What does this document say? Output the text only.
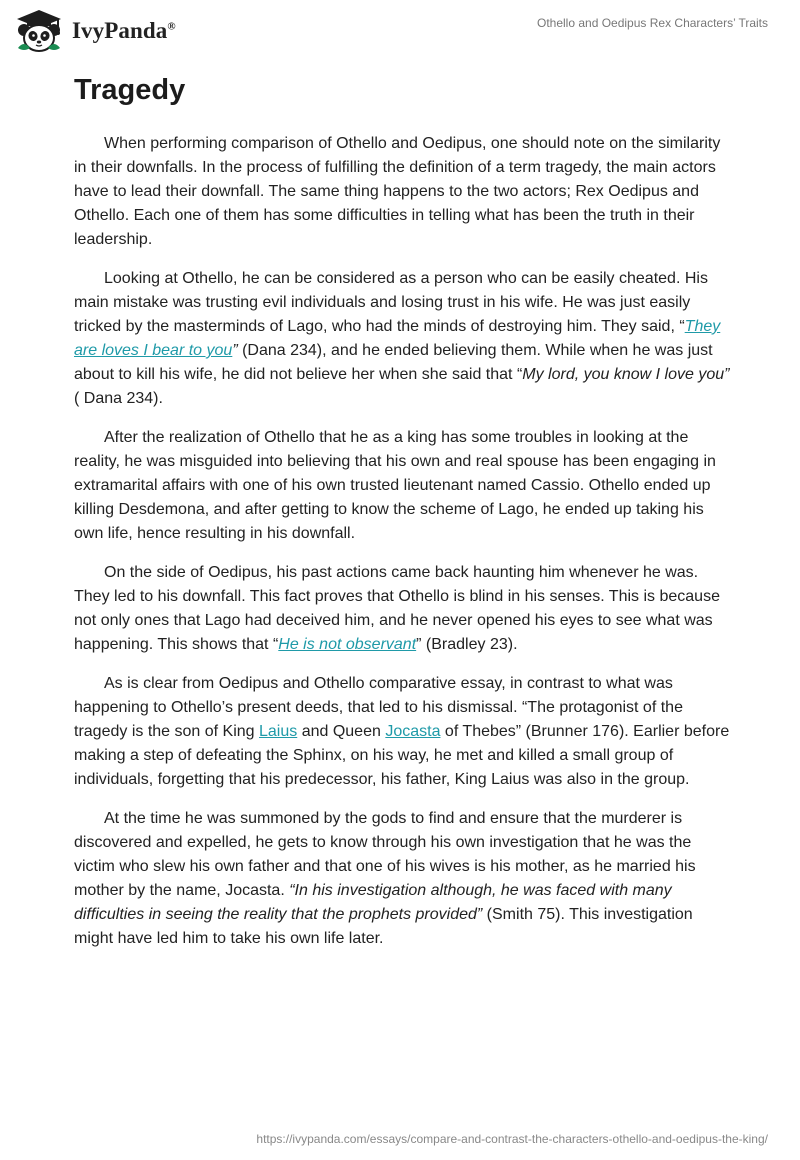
IvyPanda®	Othello and Oedipus Rex Characters’ Traits
Tragedy

When performing comparison of Othello and Oedipus, one should note on the similarity in their downfalls. In the process of fulfilling the definition of a term tragedy, the main actors have to lead their downfall. The same thing happens to the two actors; Rex Oedipus and Othello. Each one of them has some difficulties in telling what has been the truth in their leadership.

Looking at Othello, he can be considered as a person who can be easily cheated. His main mistake was trusting evil individuals and losing trust in his wife. He was just easily tricked by the masterminds of Lago, who had the minds of destroying him. They said, “They are loves I bear to you” (Dana 234), and he ended believing them. While when he was just about to kill his wife, he did not believe her when she said that “My lord, you know I love you” ( Dana 234).

After the realization of Othello that he as a king has some troubles in looking at the reality, he was misguided into believing that his own and real spouse has been engaging in extramarital affairs with one of his own trusted lieutenant named Cassio. Othello ended up killing Desdemona, and after getting to know the scheme of Lago, he ended up taking his own life, hence resulting in his downfall.

On the side of Oedipus, his past actions came back haunting him whenever he was. They led to his downfall. This fact proves that Othello is blind in his senses. This is because not only ones that Lago had deceived him, and he never opened his eyes to see what was happening. This shows that “He is not observant” (Bradley 23).

As is clear from Oedipus and Othello comparative essay, in contrast to what was happening to Othello’s present deeds, that led to his dismissal. “The protagonist of the tragedy is the son of King Laius and Queen Jocasta of Thebes” (Brunner 176). Earlier before making a step of defeating the Sphinx, on his way, he met and killed a small group of individuals, forgetting that his predecessor, his father, King Laius was also in the group.

At the time he was summoned by the gods to find and ensure that the murderer is discovered and expelled, he gets to know through his own investigation that he was the victim who slew his own father and that one of his wives is his mother, as he married his mother by the name, Jocasta. “In his investigation although, he was faced with many difficulties in seeing the reality that the prophets provided” (Smith 75). This investigation might have led him to take his own life later.

https://ivypanda.com/essays/compare-and-contrast-the-characters-othello-and-oedipus-the-king/
